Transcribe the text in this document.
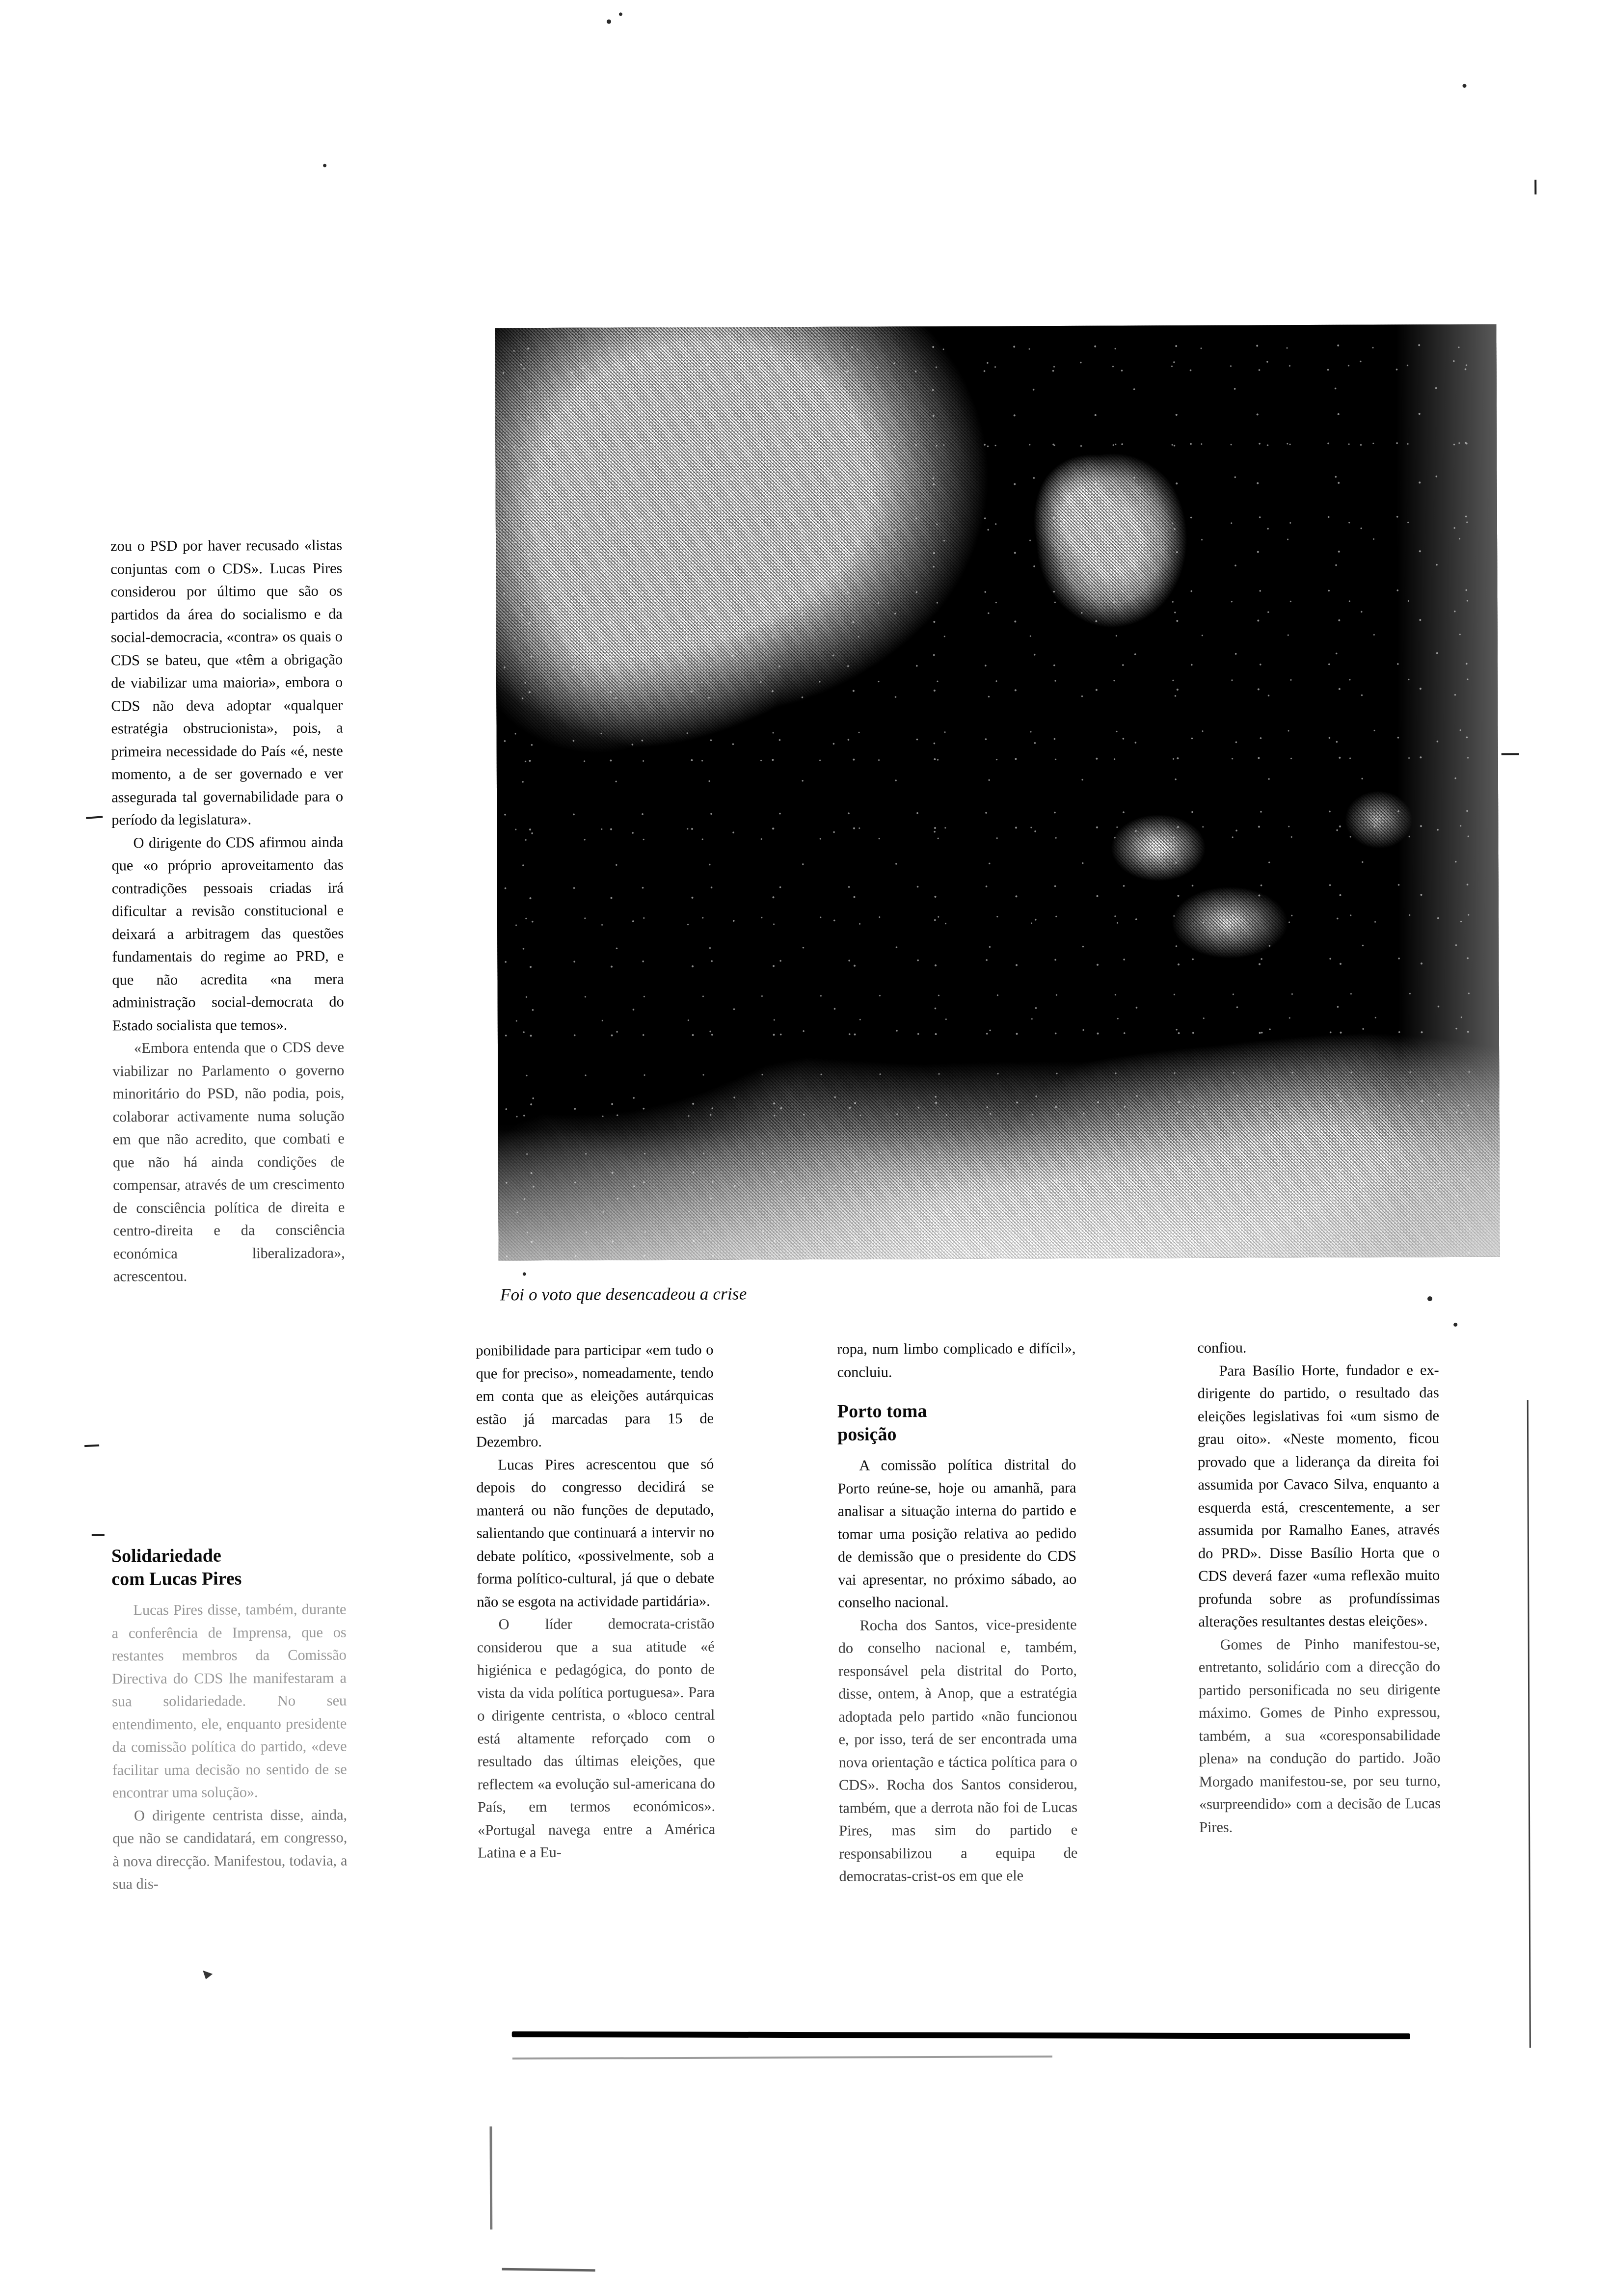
Foi o voto que desencadeou a crise

zou o PSD por haver recusado «listas conjuntas com o CDS». Lucas Pires considerou por último que são os partidos da área do socialismo e da social-democracia, «contra» os quais o CDS se bateu, que «têm a obrigação de viabilizar uma maioria», embora o CDS não deva adoptar «qualquer estratégia obstrucionista», pois, a primeira necessidade do País «é, neste momento, a de ser governado e ver assegurada tal governabilidade para o período da legislatura».

O dirigente do CDS afirmou ainda que «o próprio aproveitamento das contradições pessoais criadas irá dificultar a revisão constitucional e deixará a arbitragem das questões fundamentais do regime ao PRD, e que não acredita «na mera administração social-democrata do Estado socialista que temos».

«Embora entenda que o CDS deve viabilizar no Parlamento o governo minoritário do PSD, não podia, pois, colaborar activamente numa solução em que não acredito, que combati e que não há ainda condições de compensar, através de um crescimento de consciência política de direita e centro-direita e da consciência económica liberalizadora», acrescentou.

Solidariedade
com Lucas Pires

Lucas Pires disse, também, durante a conferência de Imprensa, que os restantes membros da Comissão Directiva do CDS lhe manifestaram a sua solidariedade. No seu entendimento, ele, enquanto presidente da comissão política do partido, «deve facilitar uma decisão no sentido de se encontrar uma solução».

O dirigente centrista disse, ainda, que não se candidatará, em congresso, à nova direcção. Manifestou, todavia, a sua dis-

ponibilidade para participar «em tudo o que for preciso», nomeadamente, tendo em conta que as eleições autárquicas estão já marcadas para 15 de Dezembro.

Lucas Pires acrescentou que só depois do congresso decidirá se manterá ou não funções de deputado, salientando que continuará a intervir no debate político, «possivelmente, sob a forma político-cultural, já que o debate não se esgota na actividade partidária».

O líder democrata-cristão considerou que a sua atitude «é higiénica e pedagógica, do ponto de vista da vida política portuguesa». Para o dirigente centrista, o «bloco central está altamente reforçado com o resultado das últimas eleições, que reflectem «a evolução sul-americana do País, em termos económicos». «Portugal navega entre a América Latina e a Eu-

ropa, num limbo complicado e difícil», concluiu.

Porto toma
posição

A comissão política distrital do Porto reúne-se, hoje ou amanhã, para analisar a situação interna do partido e tomar uma posição relativa ao pedido de demissão que o presidente do CDS vai apresentar, no próximo sábado, ao conselho nacional.

Rocha dos Santos, vice-presidente do conselho nacional e, também, responsável pela distrital do Porto, disse, ontem, à Anop, que a estratégia adoptada pelo partido «não funcionou e, por isso, terá de ser encontrada uma nova orientação e táctica política para o CDS». Rocha dos Santos considerou, também, que a derrota não foi de Lucas Pires, mas sim do partido e responsabilizou a equipa de democratas-crist-os em que ele

confiou.

Para Basílio Horte, fundador e ex-dirigente do partido, o resultado das eleições legislativas foi «um sismo de grau oito». «Neste momento, ficou provado que a liderança da direita foi assumida por Cavaco Silva, enquanto a esquerda está, crescentemente, a ser assumida por Ramalho Eanes, através do PRD». Disse Basílio Horta que o CDS deverá fazer «uma reflexão muito profunda sobre as profundíssimas alterações resultantes destas eleições».

Gomes de Pinho manifestou-se, entretanto, solidário com a direcção do partido personificada no seu dirigente máximo. Gomes de Pinho expressou, também, a sua «coresponsabilidade plena» na condução do partido. João Morgado manifestou-se, por seu turno, «surpreendido» com a decisão de Lucas Pires.
